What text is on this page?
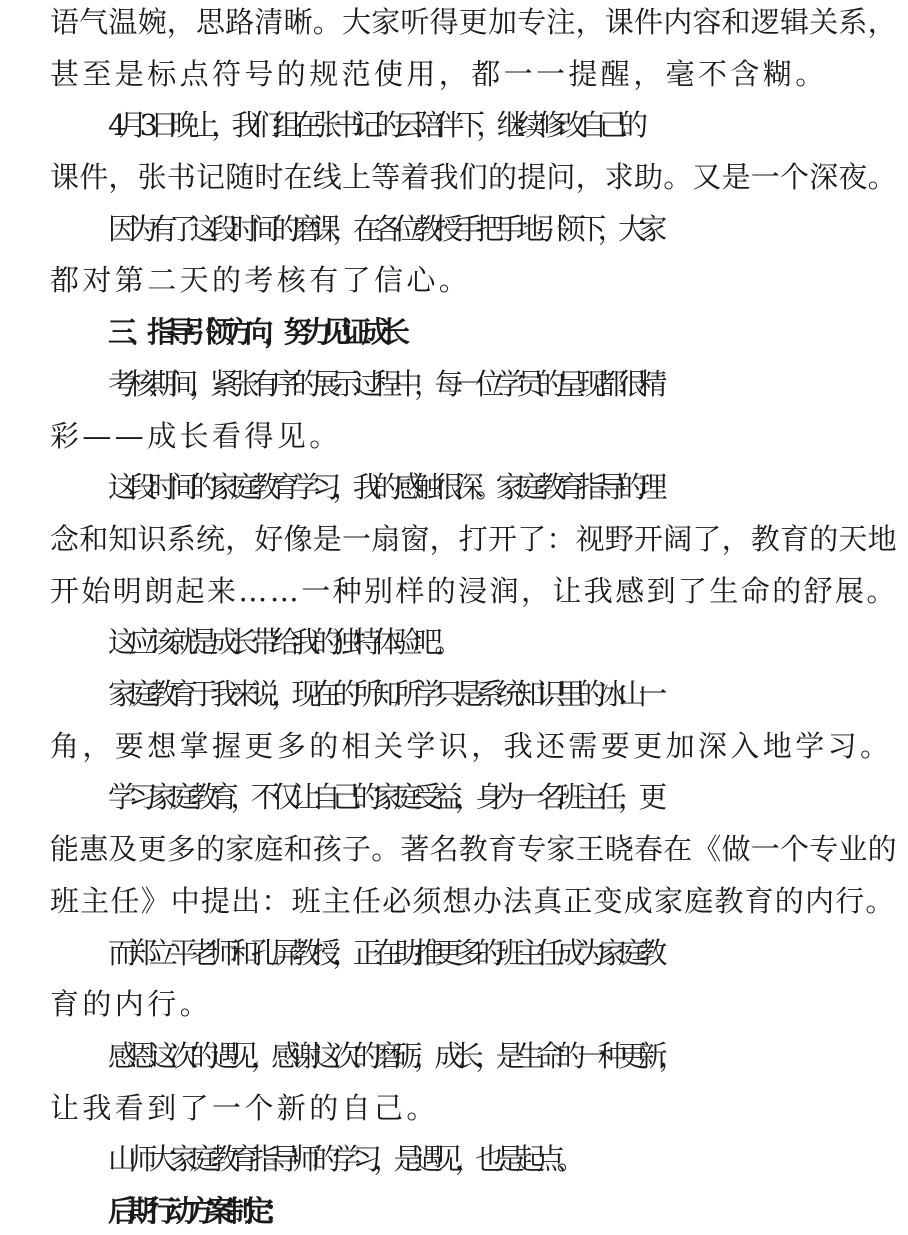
语气温婉，思路清晰。大家听得更加专注，课件内容和逻辑关系，

甚至是标点符号的规范使用，都一一提醒，毫不含糊。

4 月 3 日晚上，我们组在张书记的云陪伴下，继续修改自己的

课件，张书记随时在线上等着我们的提问，求助。又是一个深夜。

因为有了这段时间的磨课，在各位教授手把手地引领下，大家

都对第二天的考核有了信心。

三、指导引领方向，努力见证成长

考核期间，紧张有序的展示过程中，每一位学员的呈现都很精

彩——成长看得见。

这段时间的家庭教育学习，我的感触很深。家庭教育指导的理

念和知识系统，好像是一扇窗，打开了：视野开阔了，教育的天地

开始明朗起来……一种别样的浸润，让我感到了生命的舒展。

这应该就是成长带给我的独特体验吧。

家庭教育于我来说，现在的所知所学只是系统知识里的冰山一

角，要想掌握更多的相关学识，我还需要更加深入地学习。

学习家庭教育，不仅让自己的家庭受益，身为一名班主任，更

能惠及更多的家庭和孩子。著名教育专家王晓春在《做一个专业的

班主任》中提出：班主任必须想办法真正变成家庭教育的内行。

而郑立平老师和孔屏教授，正在助推更多的班主任成为家庭教

育的内行。

感恩这次的遇见，感谢这次的磨砺，成长，是生命的一种更新，

让我看到了一个新的自己。

山师大家庭教育指导师的学习，是遇见，也是起点。

后期行动方案制定：
